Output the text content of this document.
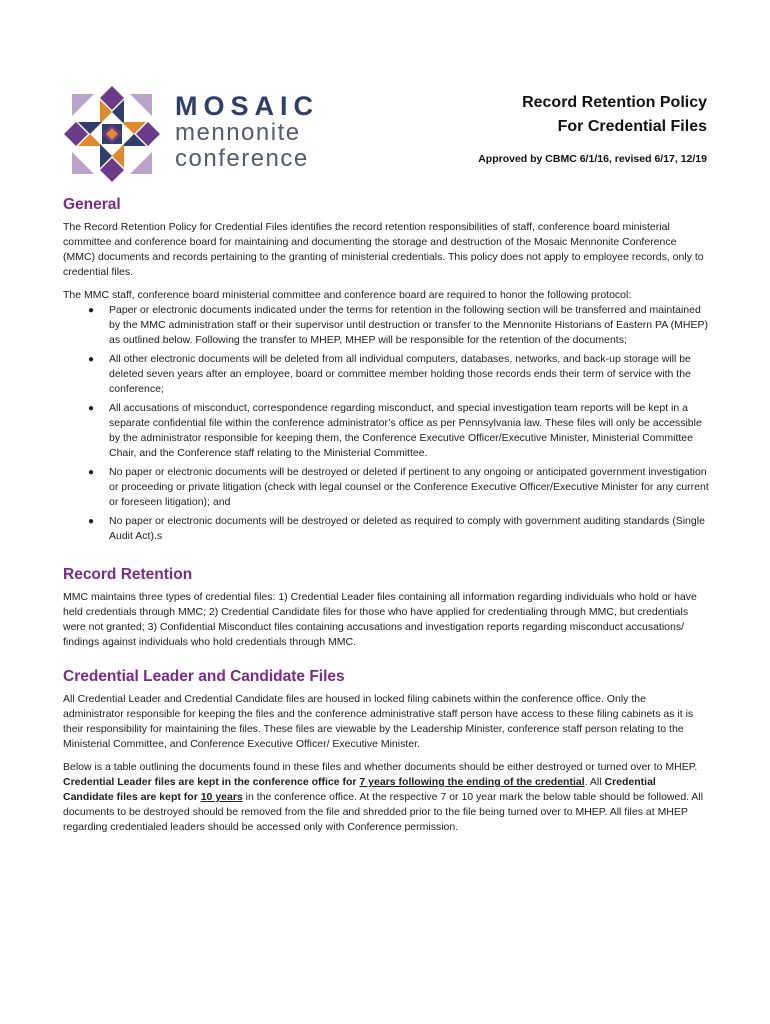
MOSAIC
mennonite
conference
Record Retention Policy
For Credential Files
Approved by CBMC 6/1/16, revised 6/17, 12/19
General

The Record Retention Policy for Credential Files identifies the record retention responsibilities of staff, conference board ministerial committee and conference board for maintaining and documenting the storage and destruction of the Mosaic Mennonite Conference (MMC) documents and records pertaining to the granting of ministerial credentials. This policy does not apply to employee records, only to credential files.

The MMC staff, conference board ministerial committee and conference board are required to honor the following protocol:

● Paper or electronic documents indicated under the terms for retention in the following section will be transferred and maintained by the MMC administration staff or their supervisor until destruction or transfer to the Mennonite Historians of Eastern PA (MHEP) as outlined below. Following the transfer to MHEP, MHEP will be responsible for the retention of the documents;
● All other electronic documents will be deleted from all individual computers, databases, networks, and back-up storage will be deleted seven years after an employee, board or committee member holding those records ends their term of service with the conference;
● All accusations of misconduct, correspondence regarding misconduct, and special investigation team reports will be kept in a separate confidential file within the conference administrator’s office as per Pennsylvania law. These files will only be accessible by the administrator responsible for keeping them, the Conference Executive Officer/Executive Minister, Ministerial Committee Chair, and the Conference staff relating to the Ministerial Committee.
● No paper or electronic documents will be destroyed or deleted if pertinent to any ongoing or anticipated government investigation or proceeding or private litigation (check with legal counsel or the Conference Executive Officer/Executive Minister for any current or foreseen litigation); and
● No paper or electronic documents will be destroyed or deleted as required to comply with government auditing standards (Single Audit Act).s
Record Retention

MMC maintains three types of credential files: 1) Credential Leader files containing all information regarding individuals who hold or have held credentials through MMC; 2) Credential Candidate files for those who have applied for credentialing through MMC, but credentials were not granted; 3) Confidential Misconduct files containing accusations and investigation reports regarding misconduct accusations/ findings against individuals who hold credentials through MMC.

Credential Leader and Candidate Files

All Credential Leader and Credential Candidate files are housed in locked filing cabinets within the conference office. Only the administrator responsible for keeping the files and the conference administrative staff person have access to these filing cabinets as it is their responsibility for maintaining the files. These files are viewable by the Leadership Minister, conference staff person relating to the Ministerial Committee, and Conference Executive Officer/ Executive Minister.

Below is a table outlining the documents found in these files and whether documents should be either destroyed or turned over to MHEP. Credential Leader files are kept in the conference office for 7 years following the ending of the credential. All Credential Candidate files are kept for 10 years in the conference office. At the respective 7 or 10 year mark the below table should be followed. All documents to be destroyed should be removed from the file and shredded prior to the file being turned over to MHEP. All files at MHEP regarding credentialed leaders should be accessed only with Conference permission.
